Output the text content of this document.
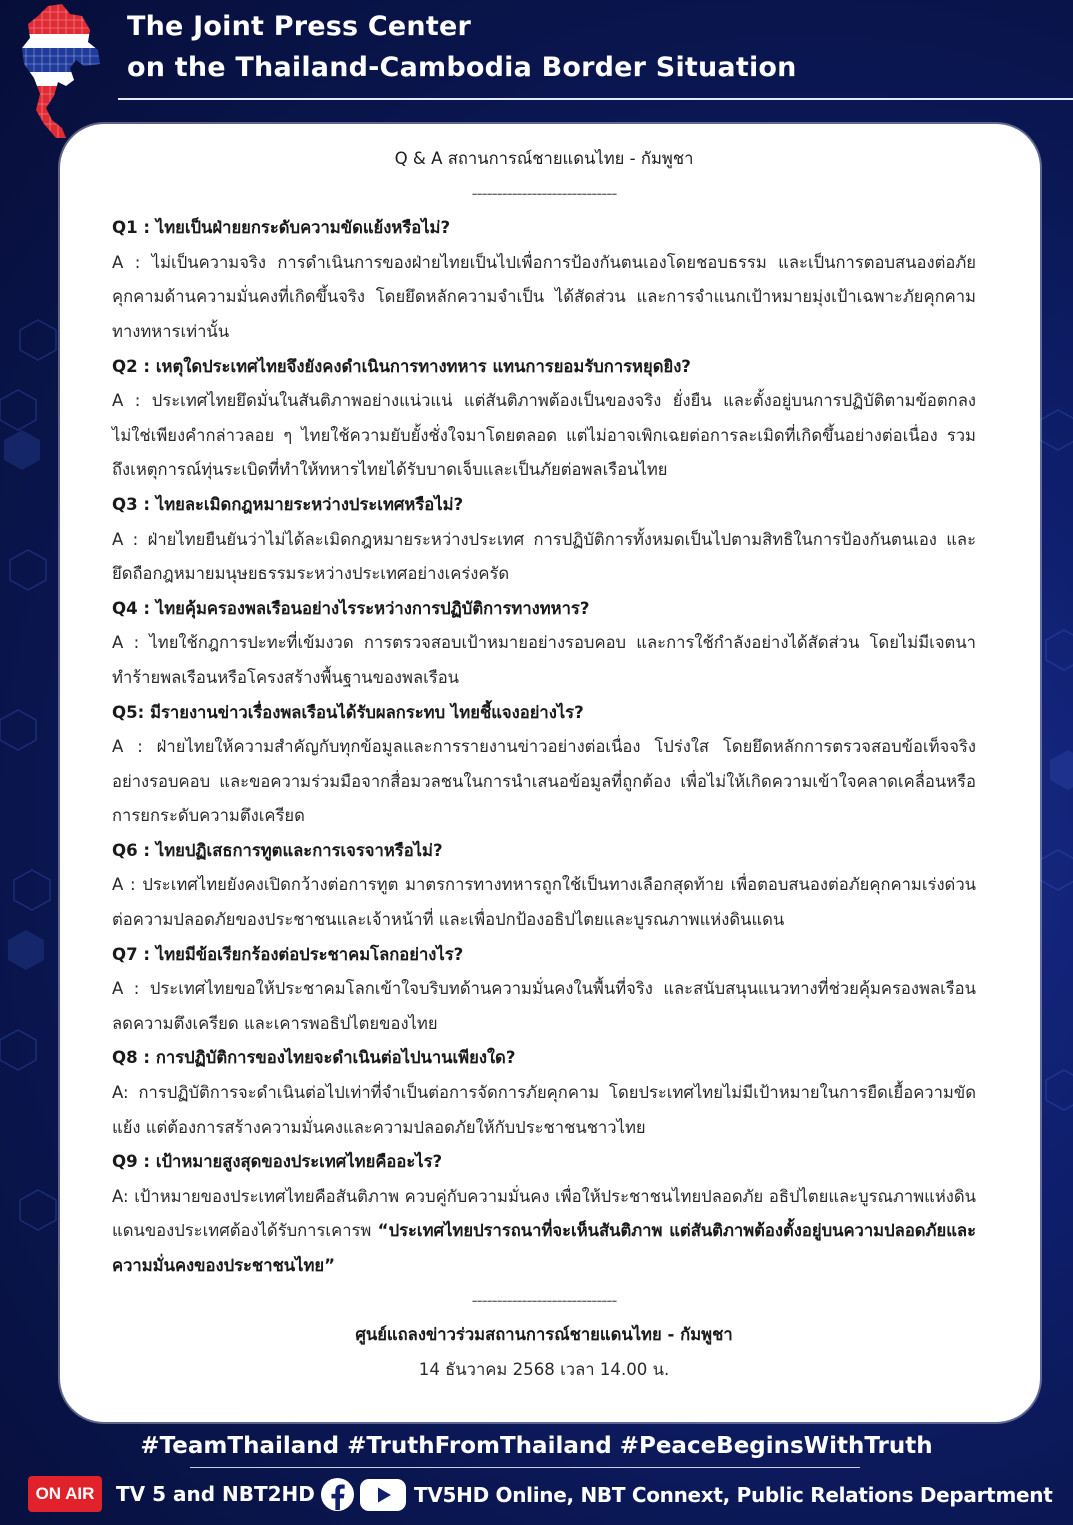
The Joint Press Center
on the Thailand-Cambodia Border Situation

Q & A สถานการณ์ชายแดนไทย - กัมพูชา

-----------------------------

Q1 : ไทยเป็นฝ่ายยกระดับความขัดแย้งหรือไม่?

A : ไม่เป็นความจริง การดำเนินการของฝ่ายไทยเป็นไปเพื่อการป้องกันตนเองโดยชอบธรรม และเป็นการตอบสนองต่อภัยคุกคามด้านความมั่นคงที่เกิดขึ้นจริง โดยยึดหลักความจำเป็น ได้สัดส่วน และการจำแนกเป้าหมายมุ่งเป้าเฉพาะภัยคุกคามทางทหารเท่านั้น

Q2 : เหตุใดประเทศไทยจึงยังคงดำเนินการทางทหาร แทนการยอมรับการหยุดยิง?

A : ประเทศไทยยึดมั่นในสันติภาพอย่างแน่วแน่ แต่สันติภาพต้องเป็นของจริง ยั่งยืน และตั้งอยู่บนการปฏิบัติตามข้อตกลง ไม่ใช่เพียงคำกล่าวลอย ๆ ไทยใช้ความยับยั้งชั่งใจมาโดยตลอด แต่ไม่อาจเพิกเฉยต่อการละเมิดที่เกิดขึ้นอย่างต่อเนื่อง รวมถึงเหตุการณ์ทุ่นระเบิดที่ทำให้ทหารไทยได้รับบาดเจ็บและเป็นภัยต่อพลเรือนไทย

Q3 : ไทยละเมิดกฎหมายระหว่างประเทศหรือไม่?

A : ฝ่ายไทยยืนยันว่าไม่ได้ละเมิดกฎหมายระหว่างประเทศ การปฏิบัติการทั้งหมดเป็นไปตามสิทธิในการป้องกันตนเอง และยึดถือกฎหมายมนุษยธรรมระหว่างประเทศอย่างเคร่งครัด

Q4 : ไทยคุ้มครองพลเรือนอย่างไรระหว่างการปฏิบัติการทางทหาร?

A : ไทยใช้กฎการปะทะที่เข้มงวด การตรวจสอบเป้าหมายอย่างรอบคอบ และการใช้กำลังอย่างได้สัดส่วน โดยไม่มีเจตนาทำร้ายพลเรือนหรือโครงสร้างพื้นฐานของพลเรือน

Q5: มีรายงานข่าวเรื่องพลเรือนได้รับผลกระทบ ไทยชี้แจงอย่างไร?

A : ฝ่ายไทยให้ความสำคัญกับทุกข้อมูลและการรายงานข่าวอย่างต่อเนื่อง โปร่งใส โดยยึดหลักการตรวจสอบข้อเท็จจริงอย่างรอบคอบ และขอความร่วมมือจากสื่อมวลชนในการนำเสนอข้อมูลที่ถูกต้อง เพื่อไม่ให้เกิดความเข้าใจคลาดเคลื่อนหรือการยกระดับความตึงเครียด

Q6 : ไทยปฏิเสธการทูตและการเจรจาหรือไม่?

A : ประเทศไทยยังคงเปิดกว้างต่อการทูต มาตรการทางทหารถูกใช้เป็นทางเลือกสุดท้าย เพื่อตอบสนองต่อภัยคุกคามเร่งด่วนต่อความปลอดภัยของประชาชนและเจ้าหน้าที่ และเพื่อปกป้องอธิปไตยและบูรณภาพแห่งดินแดน

Q7 : ไทยมีข้อเรียกร้องต่อประชาคมโลกอย่างไร?

A : ประเทศไทยขอให้ประชาคมโลกเข้าใจบริบทด้านความมั่นคงในพื้นที่จริง และสนับสนุนแนวทางที่ช่วยคุ้มครองพลเรือน ลดความตึงเครียด และเคารพอธิปไตยของไทย

Q8 : การปฏิบัติการของไทยจะดำเนินต่อไปนานเพียงใด?

A: การปฏิบัติการจะดำเนินต่อไปเท่าที่จำเป็นต่อการจัดการภัยคุกคาม โดยประเทศไทยไม่มีเป้าหมายในการยืดเยื้อความขัดแย้ง แต่ต้องการสร้างความมั่นคงและความปลอดภัยให้กับประชาชนชาวไทย

Q9 : เป้าหมายสูงสุดของประเทศไทยคืออะไร?

A: เป้าหมายของประเทศไทยคือสันติภาพ ควบคู่กับความมั่นคง เพื่อให้ประชาชนไทยปลอดภัย อธิปไตยและบูรณภาพแห่งดินแดนของประเทศต้องได้รับการเคารพ “ประเทศไทยปรารถนาที่จะเห็นสันติภาพ แต่สันติภาพต้องตั้งอยู่บนความปลอดภัยและความมั่นคงของประชาชนไทย”

-----------------------------

ศูนย์แถลงข่าวร่วมสถานการณ์ชายแดนไทย - กัมพูชา

14 ธันวาคม 2568 เวลา 14.00 น.

#TeamThailand #TruthFromThailand #PeaceBeginsWithTruth
ON AIR	TV 5 and NBT2HD	TV5HD Online, NBT Connext, Public Relations Department
